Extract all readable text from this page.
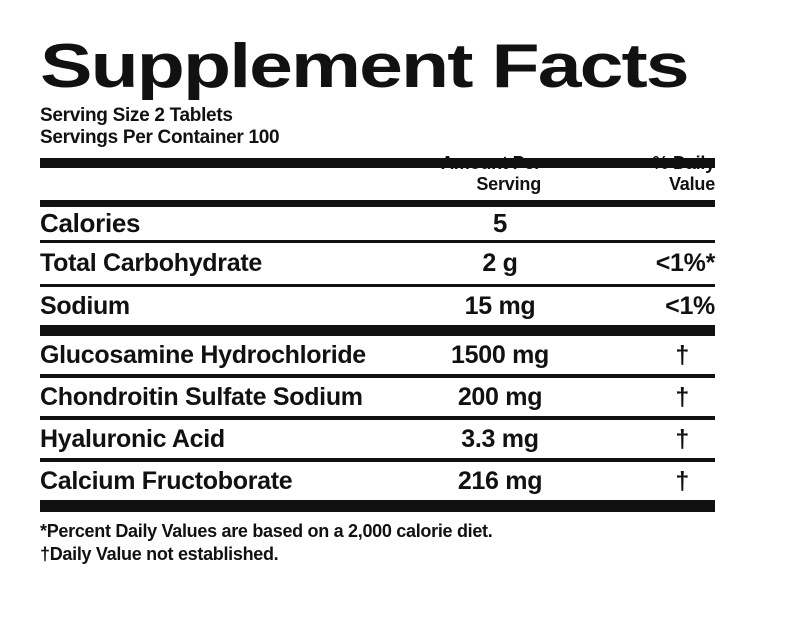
Supplement Facts
Serving Size 2 Tablets
Servings Per Container 100
Amount Per Serving
% Daily Value
Calories	5
Total Carbohydrate	2 g	<1%*
Sodium	15 mg	<1%
Glucosamine Hydrochloride	1500 mg	†
Chondroitin Sulfate Sodium	200 mg	†
Hyaluronic Acid	3.3 mg	†
Calcium Fructoborate	216 mg	†
*Percent Daily Values are based on a 2,000 calorie diet.
†Daily Value not established.
